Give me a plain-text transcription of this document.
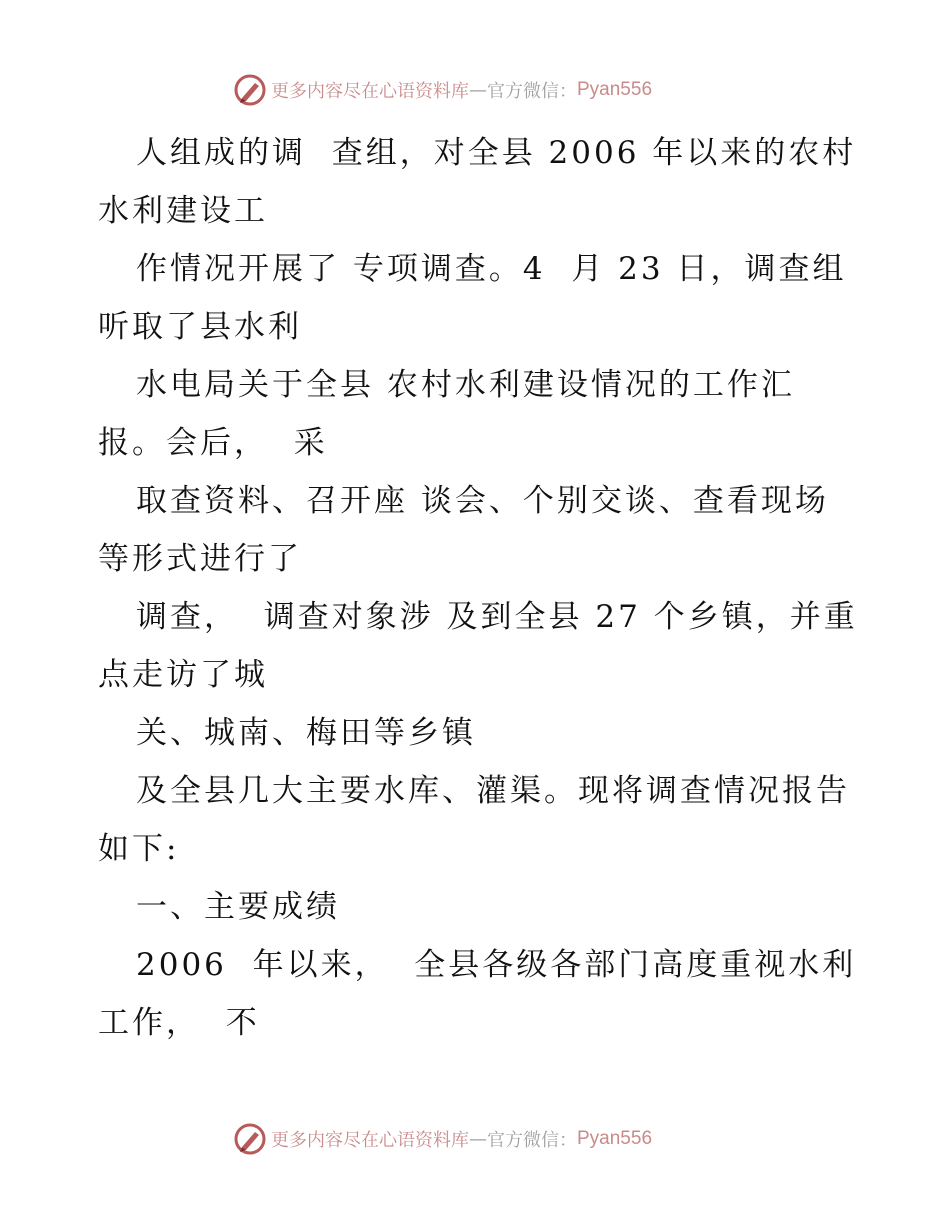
更多内容尽在心语资料库 — 官方微信： Pyan556
人组成的调  查组，对全县 2006 年以来的农村
水利建设工
作情况开展了 专项调查。4  月 23 日，调查组
听取了县水利
水电局关于全县 农村水利建设情况的工作汇
报。会后，  采
取查资料、召开座 谈会、个别交谈、查看现场
等形式进行了
调查，  调查对象涉 及到全县 27 个乡镇，并重
点走访了城
关、城南、梅田等乡镇
及全县几大主要水库、灌渠。现将调查情况报告
如下:
一、主要成绩
2006  年以来，  全县各级各部门高度重视水利
工作，  不
更多内容尽在心语资料库 — 官方微信： Pyan556
